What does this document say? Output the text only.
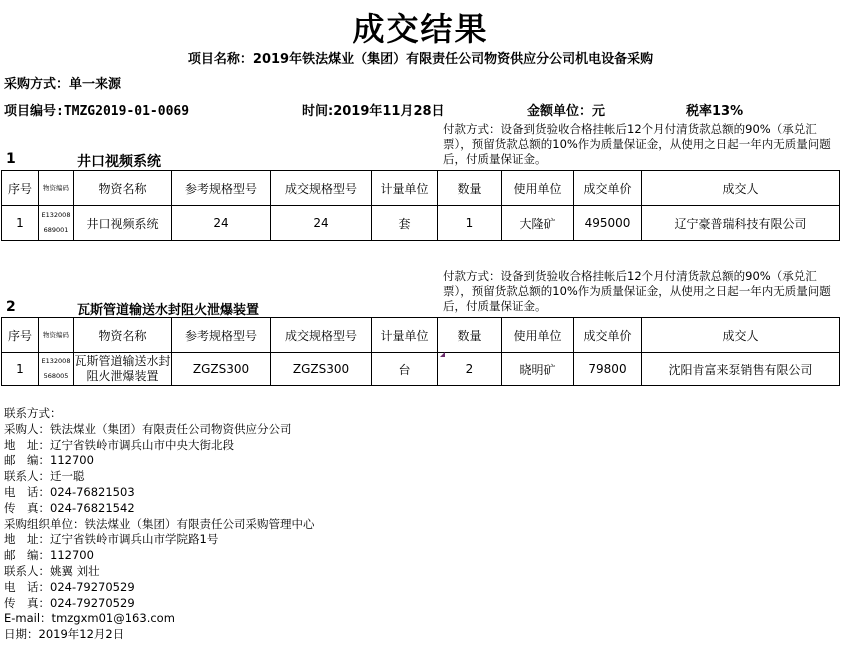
成交结果
项目名称：2019年铁法煤业（集团）有限责任公司物资供应分公司机电设备采购
采购方式：单一来源
项目编号:TMZG2019-01-0069	时间:2019年11月28日	金额单位：元	税率13%
付款方式：设备到货验收合格挂帐后12个月付清货款总额的90%（承兑汇票），预留货款总额的10%作为质量保证金，从使用之日起一年内无质量问题后，付质量保证金。
1	井口视频系统
序号	物资编码	物资名称	参考规格型号	成交规格型号	计量单位	数量	使用单位	成交单价	成交人
1	E132008 689001	井口视频系统	24	24	套	1	大隆矿	495000	辽宁豪普瑞科技有限公司
付款方式：设备到货验收合格挂帐后12个月付清货款总额的90%（承兑汇票），预留货款总额的10%作为质量保证金，从使用之日起一年内无质量问题后，付质量保证金。
2	瓦斯管道输送水封阻火泄爆装置
序号	物资编码	物资名称	参考规格型号	成交规格型号	计量单位	数量	使用单位	成交单价	成交人
1	E132008 568005	瓦斯管道输送水封阻火泄爆装置	ZGZS300	ZGZS300	台	2	晓明矿	79800	沈阳肯富来泵销售有限公司
联系方式：
采购人：铁法煤业（集团）有限责任公司物资供应分公司
地　址：辽宁省铁岭市调兵山市中央大街北段
邮　编：112700
联系人：迁一聪
电　话：024-76821503
传　真：024-76821542
采购组织单位：铁法煤业（集团）有限责任公司采购管理中心
地　址：辽宁省铁岭市调兵山市学院路1号
邮　编：112700
联系人：姚翼 刘壮
电　话：024-79270529
传　真：024-79270529
E-mail：tmzgxm01@163.com
日期：2019年12月2日
